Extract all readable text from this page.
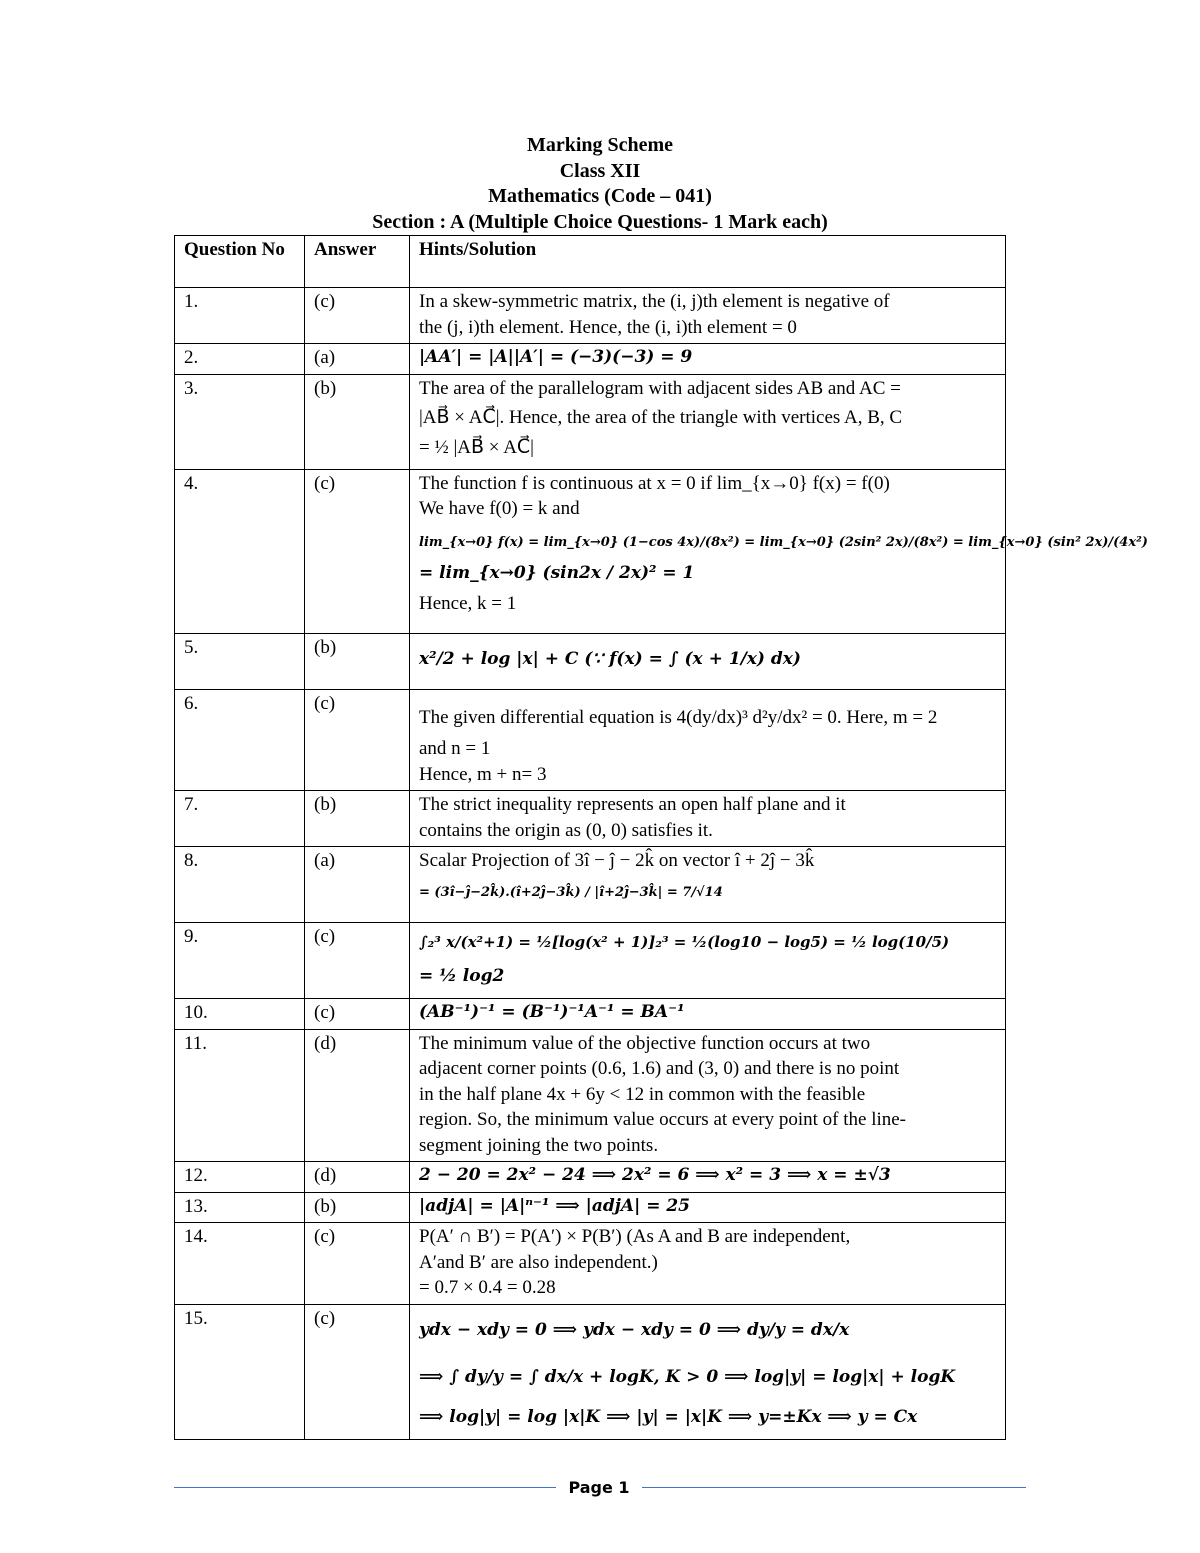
Marking Scheme
Class XII
Mathematics (Code – 041)
Section : A (Multiple Choice Questions- 1 Mark each)
Question No	Answer	Hints/Solution
1.	(c)	In a skew-symmetric matrix, the (i, j)th element is negative of
the (j, i)th element. Hence, the (i, i)th element = 0

2.	(a)	|AA′| = |A||A′| = (−3)(−3) = 9

3.	(b)	The area of the parallelogram with adjacent sides AB and AC =
|AB⃗ × AC⃗|. Hence, the area of the triangle with vertices A, B, C
= ½ |AB⃗ × AC⃗|

4.	(c)	The function f is continuous at x = 0 if lim_{x→0} f(x) = f(0)
We have f(0) = k and
lim_{x→0} f(x) = lim_{x→0} (1−cos 4x)/(8x²) = lim_{x→0} (2sin² 2x)/(8x²) = lim_{x→0} (sin² 2x)/(4x²)
= lim_{x→0} (sin2x / 2x)² = 1
Hence, k = 1

5.	(b)	x²/2 + log |x| + C (∵ f(x) = ∫ (x + 1/x) dx)

6.	(c)	The given differential equation is 4(dy/dx)³ d²y/dx² = 0. Here, m = 2
and n = 1
Hence, m + n= 3

7.	(b)	The strict inequality represents an open half plane and it
contains the origin as (0, 0) satisfies it.

8.	(a)	Scalar Projection of 3î − ĵ − 2k̂ on vector î + 2ĵ − 3k̂
= (3î−ĵ−2k̂).(î+2ĵ−3k̂) / |î+2ĵ−3k̂| = 7/√14

9.	(c)	∫₂³ x/(x²+1) = ½[log(x² + 1)]₂³ = ½(log10 − log5) = ½ log(10/5)
= ½ log2

10.	(c)	(AB⁻¹)⁻¹ = (B⁻¹)⁻¹A⁻¹ = BA⁻¹

11.	(d)	The minimum value of the objective function occurs at two
adjacent corner points (0.6, 1.6) and (3, 0) and there is no point
in the half plane 4x + 6y < 12 in common with the feasible
region. So, the minimum value occurs at every point of the line-
segment joining the two points.

12.	(d)	2 − 20 = 2x² − 24 ⟹ 2x² = 6 ⟹ x² = 3 ⟹ x = ±√3

13.	(b)	|adjA| = |A|ⁿ⁻¹ ⟹ |adjA| = 25

14.	(c)	P(A′ ∩ B′) = P(A′) × P(B′) (As A and B are independent,
A′and B′ are also independent.)
= 0.7 × 0.4 = 0.28

15.	(c)	ydx − xdy = 0 ⟹ ydx − xdy = 0 ⟹ dy/y = dx/x
⟹ ∫ dy/y = ∫ dx/x + logK, K > 0 ⟹ log|y| = log|x| + logK
⟹ log|y| = log |x|K ⟹ |y| = |x|K ⟹ y=±Kx ⟹ y = Cx
Page 1
